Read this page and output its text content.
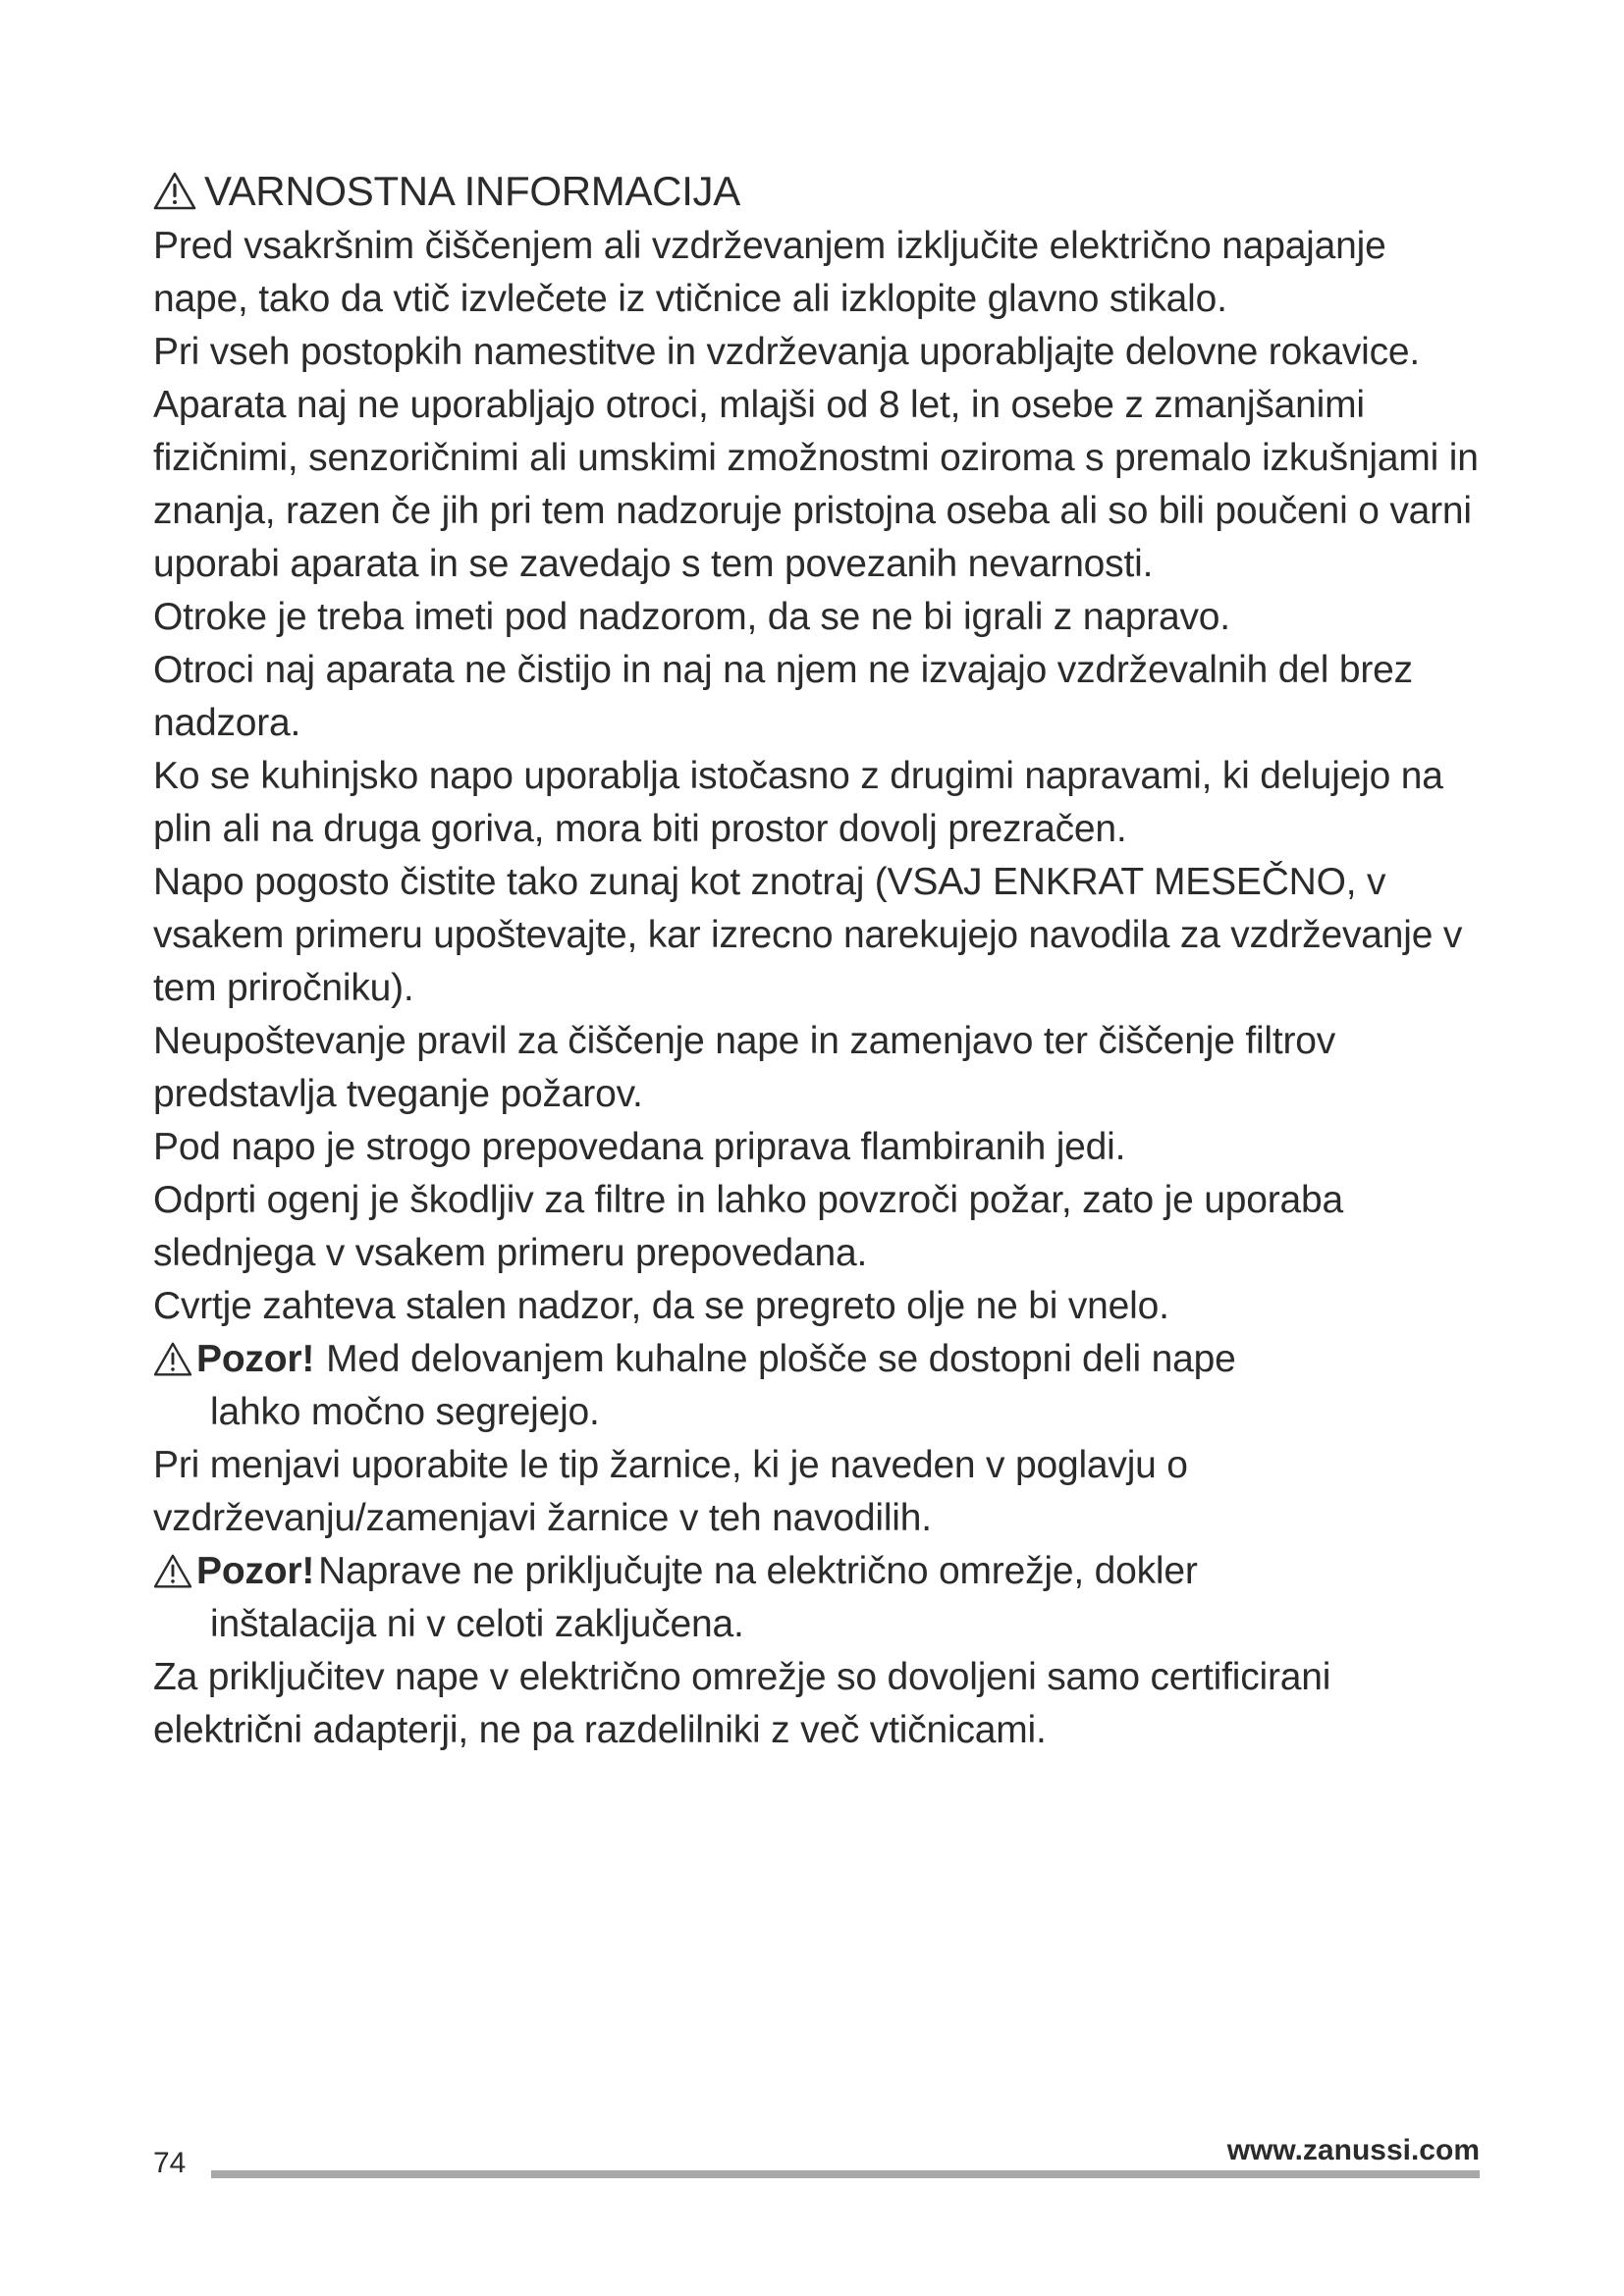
VARNOSTNA INFORMACIJA

Pred vsakršnim čiščenjem ali vzdrževanjem izključite električno napajanje nape, tako da vtič izvlečete iz vtičnice ali izklopite glavno stikalo.

Pri vseh postopkih namestitve in vzdrževanja uporabljajte delovne rokavice.

Aparata naj ne uporabljajo otroci, mlajši od 8 let, in osebe z zmanjšanimi fizičnimi, senzoričnimi ali umskimi zmožnostmi oziroma s premalo izkušnjami in znanja, razen če jih pri tem nadzoruje pristojna oseba ali so bili poučeni o varni uporabi aparata in se zavedajo s tem povezanih nevarnosti.

Otroke je treba imeti pod nadzorom, da se ne bi igrali z napravo.

Otroci naj aparata ne čistijo in naj na njem ne izvajajo vzdrževalnih del brez nadzora.

Ko se kuhinjsko napo uporablja istočasno z drugimi napravami, ki delujejo na plin ali na druga goriva, mora biti prostor dovolj prezračen.

Napo pogosto čistite tako zunaj kot znotraj (VSAJ ENKRAT MESEČNO, v vsakem primeru upoštevajte, kar izrecno narekujejo navodila za vzdrževanje v tem priročniku).

Neupoštevanje pravil za čiščenje nape in zamenjavo ter čiščenje filtrov predstavlja tveganje požarov.

Pod napo je strogo prepovedana priprava flambiranih jedi.

Odprti ogenj je škodljiv za filtre in lahko povzroči požar, zato je uporaba slednjega v vsakem primeru prepovedana.

Cvrtje zahteva stalen nadzor, da se pregreto olje ne bi vnelo.

Pozor! Med delovanjem kuhalne plošče se dostopni deli nape
lahko močno segrejejo.

Pri menjavi uporabite le tip žarnice, ki je naveden v poglavju o vzdrževanju/zamenjavi žarnice v teh navodilih.

Pozor! Naprave ne priključujte na električno omrežje, dokler
inštalacija ni v celoti zaključena.

Za priključitev nape v električno omrežje so dovoljeni samo certificirani električni adapterji, ne pa razdelilniki z več vtičnicami.

74	www.zanussi.com
